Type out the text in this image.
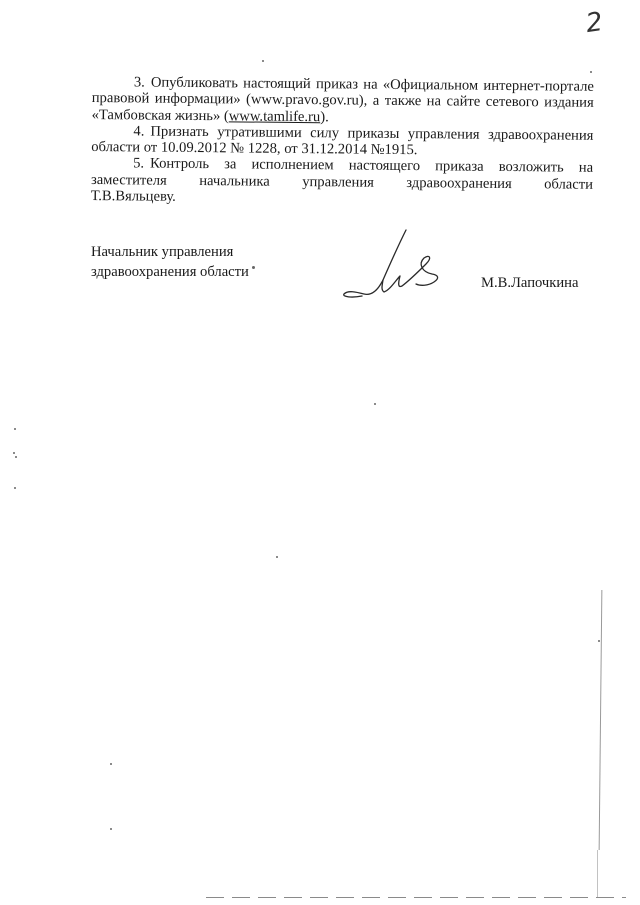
2

3. Опубликовать настоящий приказ на «Официальном интернет-портале правовой информации» (www.pravo.gov.ru), а также на сайте сетевого издания «Тамбовская жизнь» (www.tamlife.ru).

4. Признать утратившими силу приказы управления здравоохранения области от 10.09.2012 № 1228, от 31.12.2014 №1915.

5. Контроль за исполнением настоящего приказа возложить на заместителя начальника управления здравоохранения области Т.В.Вяльцеву.

Начальник управления
здравоохранения области
М.В.Лапочкина
